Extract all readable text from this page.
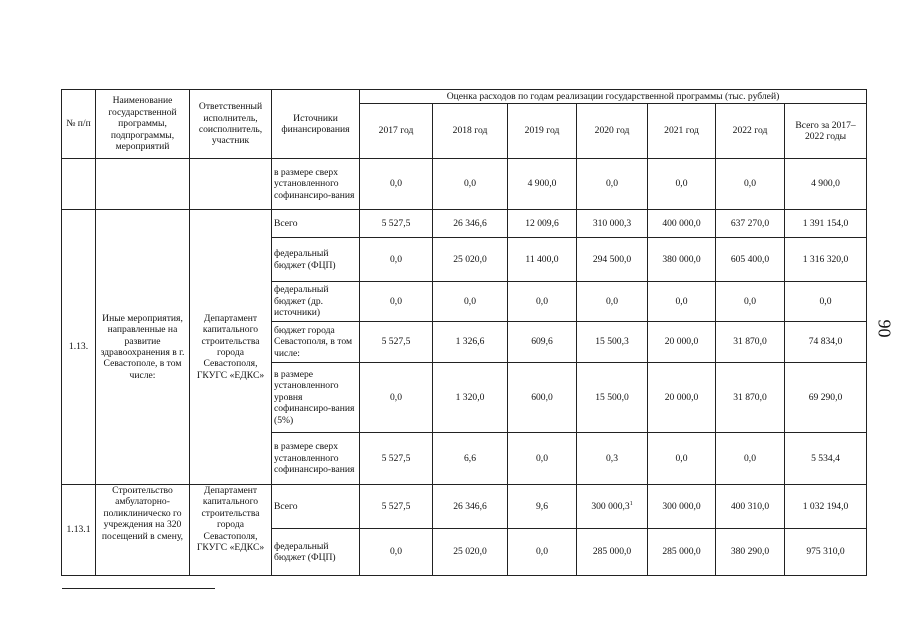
№ п/п	Наименование государственной программы, подпрограммы, мероприятий	Ответственный исполнитель, соисполнитель, участник	Источники финансирования	Оценка расходов по годам реализации государственной программы (тыс. рублей)						
				2017 год	2018 год	2019 год	2020 год	2021 год	2022 год	Всего за 2017–2022 годы
			в размере сверх установленного софинансиро-вания	0,0	0,0	4 900,0	0,0	0,0	0,0	4 900,0
1.13.	Иные мероприятия, направленные на развитие здравоохранения в г. Севастополе, в том числе:	Департамент капитального строительства города Севастополя, ГКУГС «ЕДКС»	Всего	5 527,5	26 346,6	12 009,6	310 000,3	400 000,0	637 270,0	1 391 154,0
			федеральный бюджет (ФЦП)	0,0	25 020,0	11 400,0	294 500,0	380 000,0	605 400,0	1 316 320,0
			федеральный бюджет (др. источники)	0,0	0,0	0,0	0,0	0,0	0,0	0,0
			бюджет города Севастополя, в том числе:	5 527,5	1 326,6	609,6	15 500,3	20 000,0	31 870,0	74 834,0
			в размере установленного уровня софинансиро-вания (5%)	0,0	1 320,0	600,0	15 500,0	20 000,0	31 870,0	69 290,0
			в размере сверх установленного софинансиро-вания	5 527,5	6,6	0,0	0,3	0,0	0,0	5 534,4
1.13.1	Строительство амбулаторно-поликлиническо го учреждения на 320 посещений в смену,	Департамент капитального строительства города Севастополя, ГКУГС «ЕДКС»	Всего	5 527,5	26 346,6	9,6	300 000,3$^1$	300 000,0	400 310,0	1 032 194,0
			федеральный бюджет (ФЦП)	0,0	25 020,0	0,0	285 000,0	285 000,0	380 290,0	975 310,0
90
